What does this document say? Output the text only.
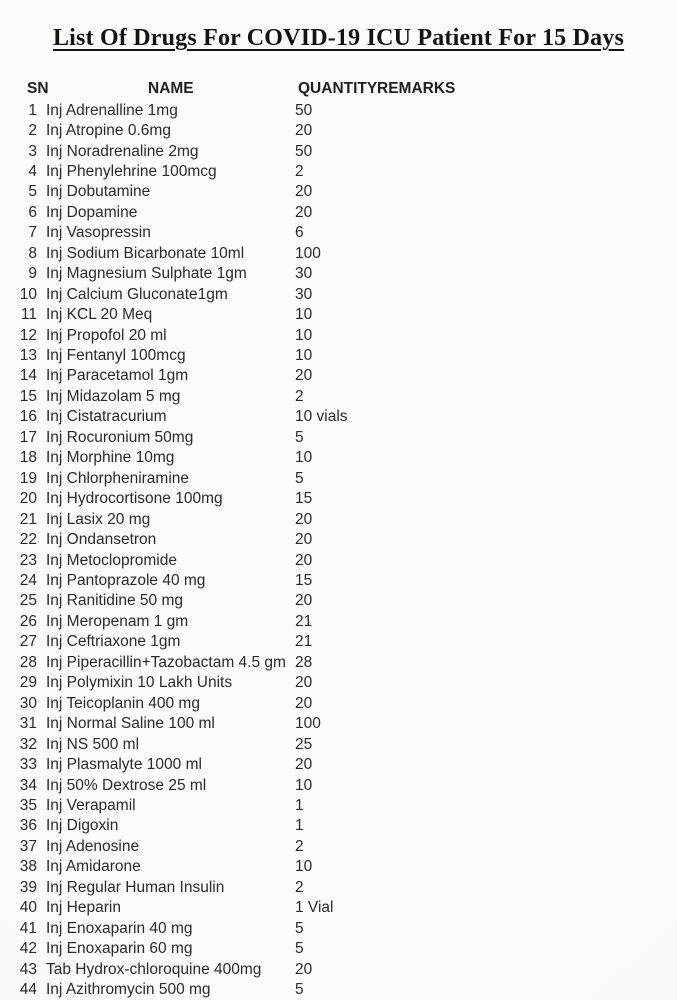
List Of Drugs For COVID-19 ICU Patient For 15 Days
SN	NAME	QUANTITY REMARKS
1 Inj Adrenalline 1mg	50
2 Inj Atropine 0.6mg	20
3 Inj Noradrenaline 2mg	50
4 Inj Phenylehrine 100mcg	2
5 Inj Dobutamine	20
6 Inj Dopamine	20
7 Inj Vasopressin	6
8 Inj Sodium Bicarbonate 10ml	100
9 Inj Magnesium Sulphate 1gm	30
10 Inj Calcium Gluconate1gm	30
11 Inj KCL 20 Meq	10
12 Inj Propofol 20 ml	10
13 Inj Fentanyl 100mcg	10
14 Inj Paracetamol 1gm	20
15 Inj Midazolam 5 mg	2
16 Inj Cistatracurium	10 vials
17 Inj Rocuronium 50mg	5
18 Inj Morphine 10mg	10
19 Inj Chlorpheniramine	5
20 Inj Hydrocortisone 100mg	15
21 Inj Lasix 20 mg	20
22 Inj Ondansetron	20
23 Inj Metoclopromide	20
24 Inj Pantoprazole 40 mg	15
25 Inj Ranitidine 50 mg	20
26 Inj Meropenam 1 gm	21
27 Inj Ceftriaxone 1gm	21
28 Inj Piperacillin+Tazobactam 4.5 gm 28
29 Inj Polymixin 10 Lakh Units	20
30 Inj Teicoplanin 400 mg	20
31 Inj Normal Saline 100 ml	100
32 Inj NS 500 ml	25
33 Inj Plasmalyte 1000 ml	20
34 Inj 50% Dextrose 25 ml	10
35 Inj Verapamil	1
36 Inj Digoxin	1
37 Inj Adenosine	2
38 Inj Amidarone	10
39 Inj Regular Human Insulin	2
40 Inj Heparin	1 Vial
41 Inj Enoxaparin 40 mg	5
42 Inj Enoxaparin 60 mg	5
43 Tab Hydrox-chloroquine 400mg	20
44 Inj Azithromycin 500 mg	5
